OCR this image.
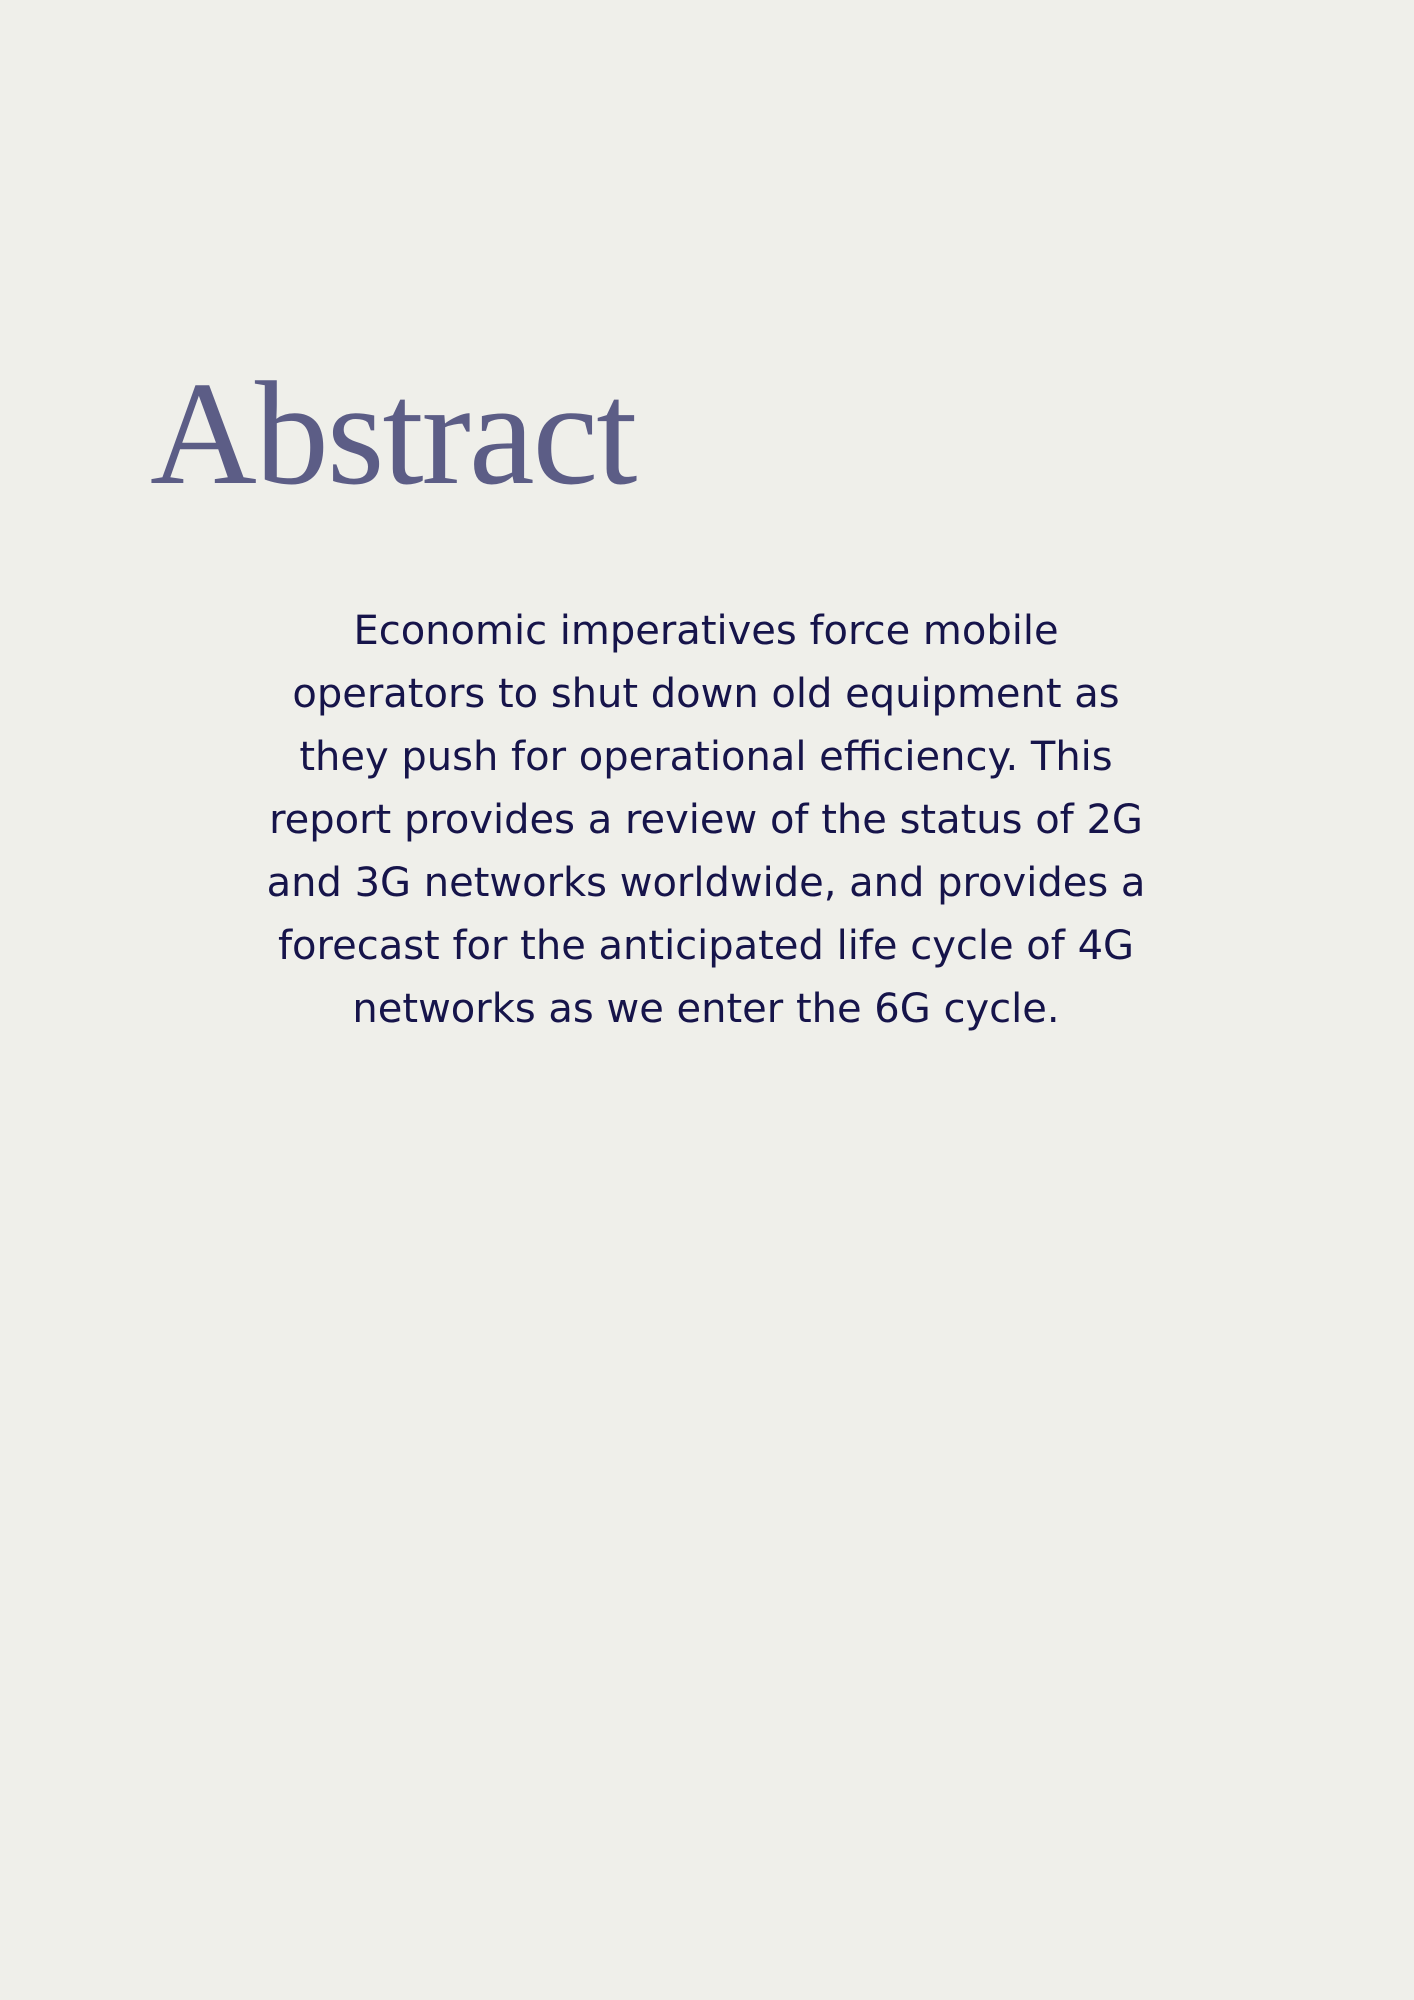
Abstract

Economic imperatives force mobile
operators to shut down old equipment as
they push for operational efficiency. This
report provides a review of the status of 2G
and 3G networks worldwide, and provides a
forecast for the anticipated life cycle of 4G
networks as we enter the 6G cycle.
